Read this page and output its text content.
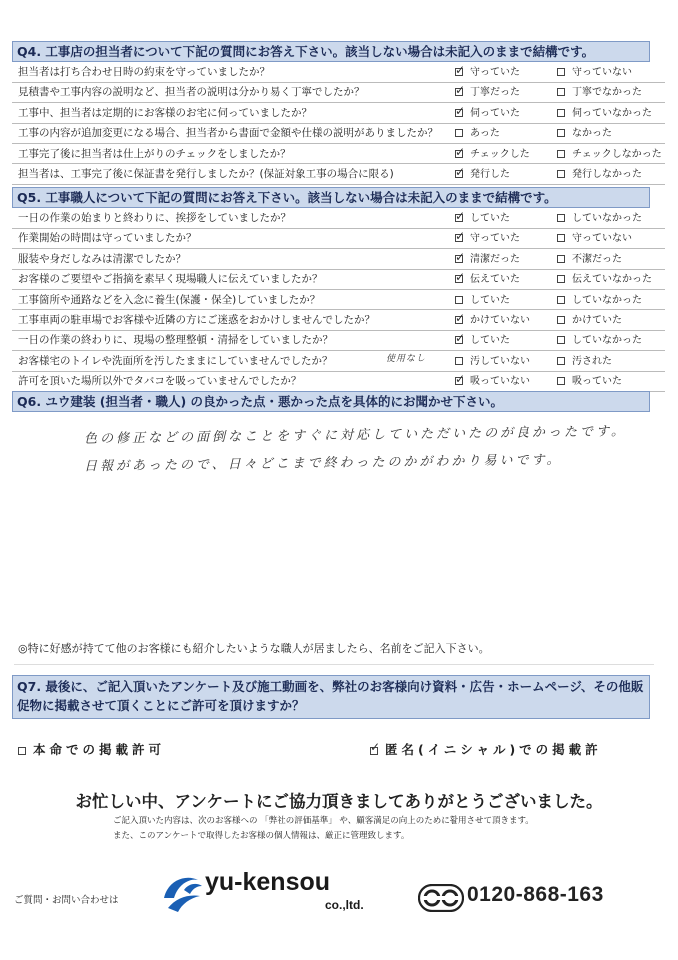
Q4. 工事店の担当者について下記の質問にお答え下さい。該当しない場合は未記入のままで結構です。
担当者は打ち合わせ日時の約束を守っていましたか？ ✓	守っていた	守っていない
見積書や工事内容の説明など、担当者の説明は分かり易く丁寧でしたか？ ✓	丁寧だった	丁寧でなかった
工事中、担当者は定期的にお客様のお宅に伺っていましたか？ ✓	伺っていた	伺っていなかった
工事の内容が追加変更になる場合、担当者から書面で金額や仕様の説明がありましたか？	あった	なかった
工事完了後に担当者は仕上がりのチェックをしましたか？ ✓	チェックした	チェックしなかった
担当者は、工事完了後に保証書を発行しましたか？(保証対象工事の場合に限る) ✓	発行した	発行しなかった
Q5. 工事職人について下記の質問にお答え下さい。該当しない場合は未記入のままで結構です。
一日の作業の始まりと終わりに、挨拶をしていましたか？ ✓	していた	していなかった
作業開始の時間は守っていましたか？ ✓	守っていた	守っていない
服装や身だしなみは清潔でしたか？ ✓	清潔だった	不潔だった
お客様のご要望やご指摘を素早く現場職人に伝えていましたか？ ✓	伝えていた	伝えていなかった
工事箇所や通路などを入念に養生(保護・保全)していましたか？	していた	していなかった
工事車両の駐車場でお客様や近隣の方にご迷惑をおかけしませんでしたか？ ✓	かけていない	かけていた
一日の作業の終わりに、現場の整理整頓・清掃をしていましたか？ ✓	していた	していなかった
お客様宅のトイレや洗面所を汚したままにしていませんでしたか？	汚していない	汚された
許可を頂いた場所以外でタバコを吸っていませんでしたか？ ✓	吸っていない	吸っていた
使用なし
Q6. ユウ建装 (担当者・職人) の良かった点・悪かった点を具体的にお聞かせ下さい。
色の修正などの面倒なことをすぐに対応していただいたのが良かったです。
日報があったので、日々どこまで終わったのかがわかり易いです。
◎特に好感が持てて他のお客様にも紹介したいような職人が居ましたら、名前をご記入下さい。
Q7. 最後に、ご記入頂いたアンケート及び施工動画を、弊社のお客様向け資料・広告・ホームページ、その他販促物に掲載させて頂くことにご許可を頂けますか？
本命での掲載許可 ✓	匿名(イニシャル)での掲載許
お忙しい中、アンケートにご協力頂きましてありがとうございました。
ご記入頂いた内容は、次のお客様への 「弊社の評価基準」 や、顧客満足の向上のために활用させて頂きます。
また、このアンケートで取得したお客様の個人情報は、厳正に管理致します。
ご質問・お問い合わせは
yu-kensou
co.,ltd.	0120-868-163
